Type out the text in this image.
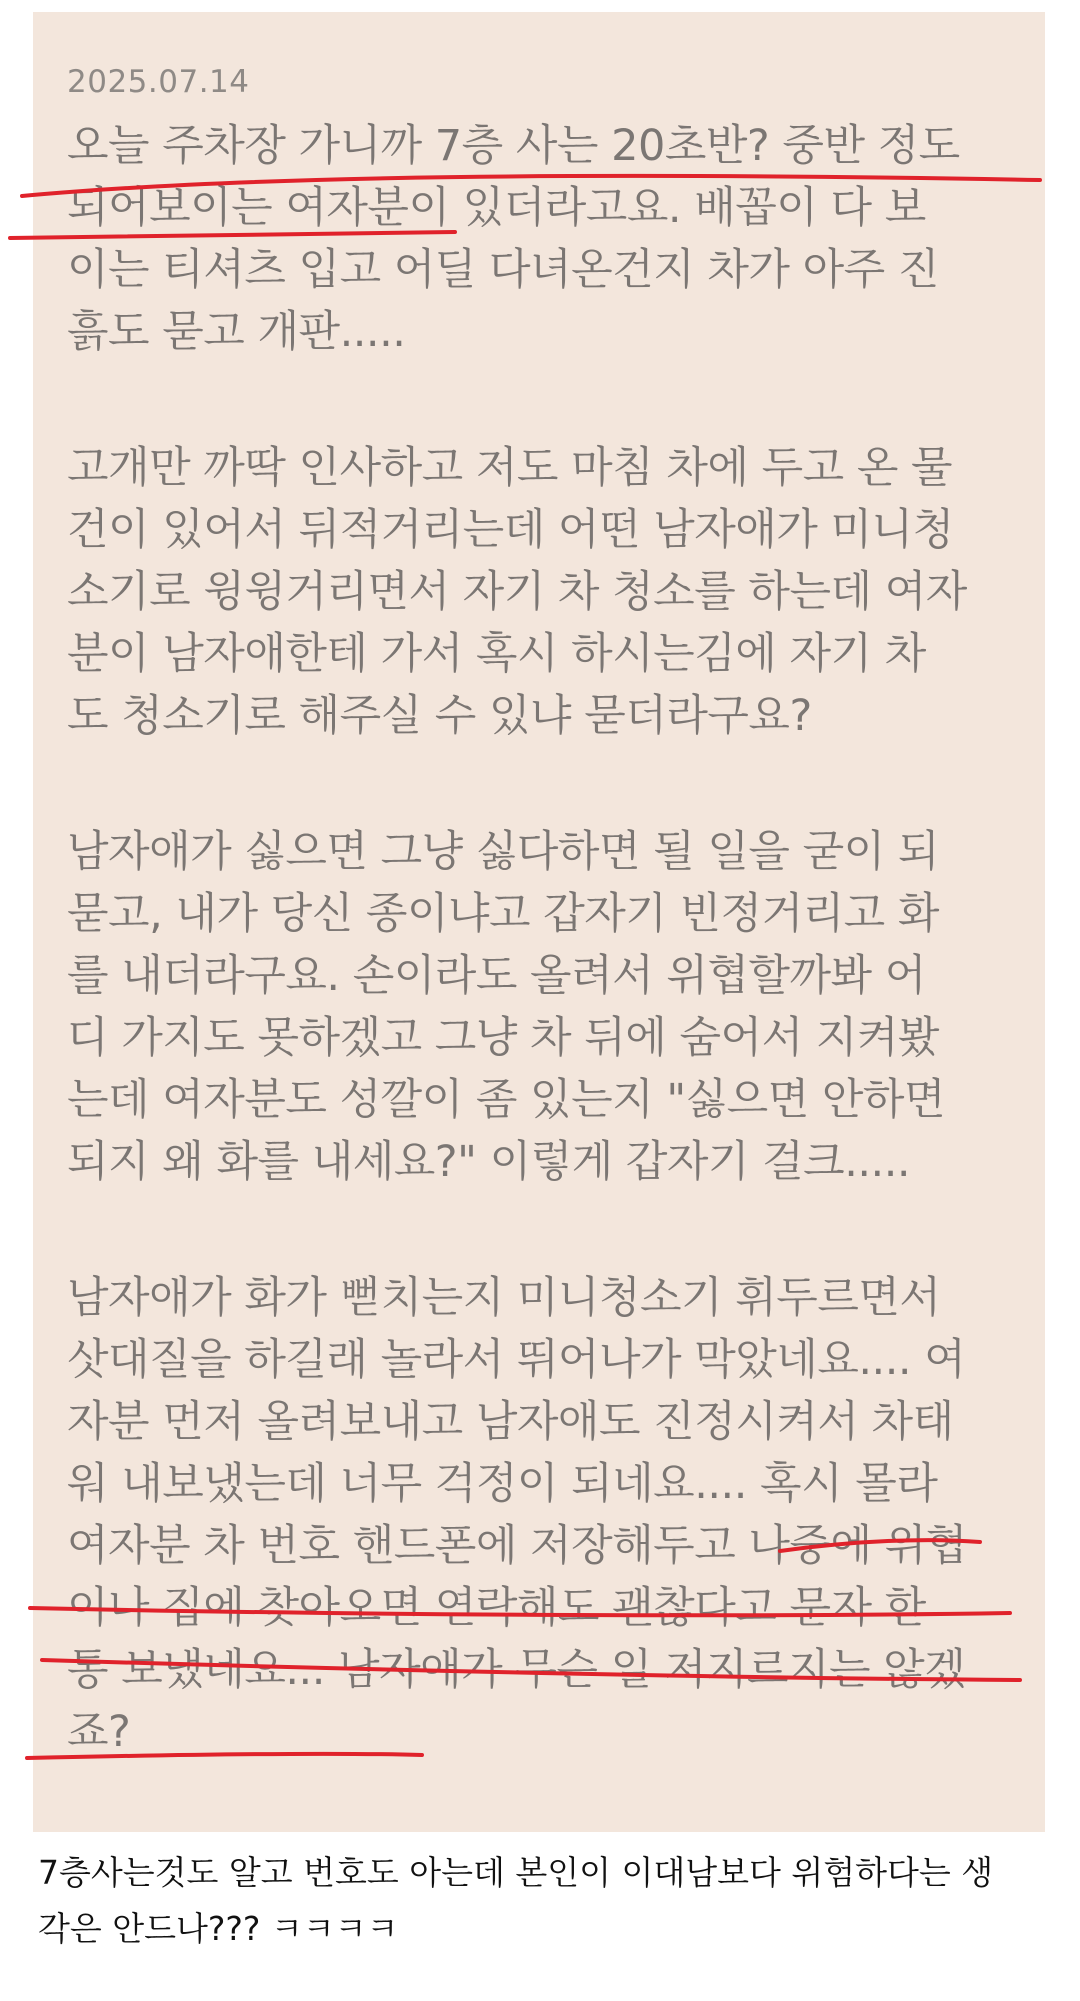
2025.07.14
오늘 주차장 가니까 7층 사는 20초반? 중반 정도
되어보이는 여자분이 있더라고요. 배꼽이 다 보
이는 티셔츠 입고 어딜 다녀온건지 차가 아주 진
흙도 묻고 개판.....
고개만 까딱 인사하고 저도 마침 차에 두고 온 물
건이 있어서 뒤적거리는데 어떤 남자애가 미니청
소기로 윙윙거리면서 자기 차 청소를 하는데 여자
분이 남자애한테 가서 혹시 하시는김에 자기 차
도 청소기로 해주실 수 있냐 묻더라구요?
남자애가 싫으면 그냥 싫다하면 될 일을 굳이 되
묻고, 내가 당신 종이냐고 갑자기 빈정거리고 화
를 내더라구요. 손이라도 올려서 위협할까봐 어
디 가지도 못하겠고 그냥 차 뒤에 숨어서 지켜봤
는데 여자분도 성깔이 좀 있는지 "싫으면 안하면
되지 왜 화를 내세요?" 이렇게 갑자기 걸크.....
남자애가 화가 뻗치는지 미니청소기 휘두르면서
삿대질을 하길래 놀라서 뛰어나가 막았네요.... 여
자분 먼저 올려보내고 남자애도 진정시켜서 차태
워 내보냈는데 너무 걱정이 되네요.... 혹시 몰라
여자분 차 번호 핸드폰에 저장해두고 나중에 위협
이나 집에 찾아오면 연락해도 괜찮다고 문자 한
통 보냈네요... 남자애가 무슨 일 저지르지는 않겠
죠?
7층사는것도 알고 번호도 아는데 본인이 이대남보다 위험하다는 생
각은 안드나??? ㅋㅋㅋㅋ
